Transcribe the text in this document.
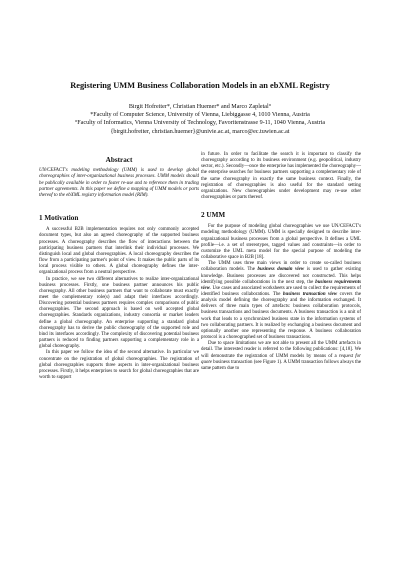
Registering UMM Business Collaboration Models in an ebXML Registry
Birgit Hofreiter*, Christian Huemer* and Marco Zapletal°
*Faculty of Computer Science, University of Vienna, Liebiggasse 4, 1010 Vienna, Austria
°Faculty of Informatics, Vienna University of Technology, Favoritenstrasse 9-11, 1040 Vienna, Austria
{birgit.hofreiter, christian.huemer}@univie.ac.at, marco@ec.tuwien.ac.at
Abstract
UN/CEFACT's modeling methodology (UMM) is used to develop global choreographies of inter-organizational business processes. UMM models should be publically available in order to foster re-use and to reference them in trading partner agreements. In this paper we define a mapping of UMM models or parts thereof to the ebXML registry information model (RIM).
1 Motivation

A successful B2B implementation requires not only commonly accepted document types, but also an agreed choreography of the supported business processes. A choreography describes the flow of interactions between the participating business partners that interlink their individual processes. We distinguish local and global choreographies. A local choreography describes the flow from a participating partner's point of view. It makes the public parts of its local process visible to others. A global choreography defines the inter-organizational process from a neutral perspective.

In practice, we see two different alternatives to realize inter-organizational business processes. Firstly, one business partner announces his public choreography. All other business partners that want to collaborate must exactly meet the complementary role(s) and adapt their interfaces accordingly. Discovering potential business partners requires complex comparisons of public choreographies. The second approach is based on well accepted global choreographies. Standards organizations, industry consortia or market leaders define a global choreography. An enterprise supporting a standard global choreography has to derive the public choreography of the supported role and bind its interfaces accordingly. The complexity of discovering potential business partners is reduced to finding partners supporting a complementary role in a global choreography.

In this paper we follow the idea of the second alternative. In particular we concentrate on the registration of global choreographies. The registration of global choreographies supports three aspects in inter-organizational business processes. Firstly, it helps enterprises to search for global choreographies that are worth to support

in future. In order to facilitate the search it is important to classify the choreography according to its business environment (e.g. geopolitical, industry sector, etc.). Secondly—once the enterprise has implemented the choreography—the enterprise searches for business partners supporting a complementary role of the same choreography in exactly the same business context. Finally, the registration of choreographies is also useful for the standard setting organizations. New choreographies under development may re-use other choreographies or parts thereof.

2 UMM

For the purpose of modeling global choreographies we use UN/CEFACT's modeling methodology (UMM). UMM is specially designed to describe inter-organizational business processes from a global perspective. It defines a UML profile—i.e. a set of stereotypes, tagged values and constraints—in order to customize the UML meta model for the special purpose of modeling the collaborative space in B2B [18].

The UMM uses three main views in order to create so-called business collaboration models. The business domain view is used to gather existing knowledge. Business processes are discovered not constructed. This helps identifying possible collaborations in the next step, the business requirements view. Use cases and associated worksheets are used to collect the requirements of identified business collaborations. The business transaction view covers the analysis model defining the choreography and the information exchanged. It delivers of three main types of artefacts: business collaboration protocols, business transactions and business documents. A business transaction is a unit of work that leads to a synchronized business state in the information systems of two collaborating partners. It is realized by exchanging a business document and optionally another one representing the response. A business collaboration protocol is a choreographed set of business transactions.

Due to space limitations we are not able to present all the UMM artefacts in detail. The interested reader is referred to the following publications: [4,18]. We will demonstrate the registration of UMM models by means of a request for quote business transaction (see Figure 1). A UMM transaction follows always the same pattern due to
